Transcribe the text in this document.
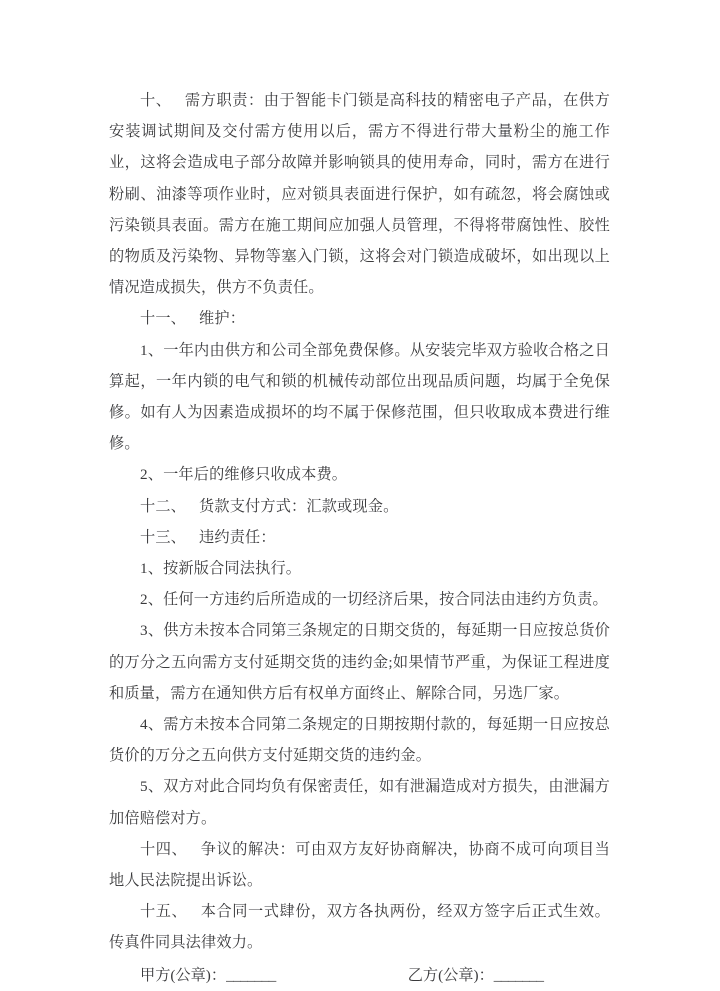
十、 需方职责：由于智能卡门锁是高科技的精密电子产品，在供方安装调试期间及交付需方使用以后，需方不得进行带大量粉尘的施工作业，这将会造成电子部分故障并影响锁具的使用寿命，同时，需方在进行粉刷、油漆等项作业时，应对锁具表面进行保护，如有疏忽，将会腐蚀或污染锁具表面。需方在施工期间应加强人员管理，不得将带腐蚀性、胶性的物质及污染物、异物等塞入门锁，这将会对门锁造成破坏，如出现以上情况造成损失，供方不负责任。

十一、 维护：

1、一年内由供方和公司全部免费保修。从安装完毕双方验收合格之日算起，一年内锁的电气和锁的机械传动部位出现品质问题，均属于全免保修。如有人为因素造成损坏的均不属于保修范围，但只收取成本费进行维修。

2、一年后的维修只收成本费。

十二、 货款支付方式：汇款或现金。

十三、 违约责任：

1、按新版合同法执行。

2、任何一方违约后所造成的一切经济后果，按合同法由违约方负责。

3、供方未按本合同第三条规定的日期交货的，每延期一日应按总货价的万分之五向需方支付延期交货的违约金;如果情节严重，为保证工程进度和质量，需方在通知供方后有权单方面终止、解除合同，另选厂家。

4、需方未按本合同第二条规定的日期按期付款的，每延期一日应按总货价的万分之五向供方支付延期交货的违约金。

5、双方对此合同均负有保密责任，如有泄漏造成对方损失，由泄漏方加倍赔偿对方。

十四、 争议的解决：可由双方友好协商解决，协商不成可向项目当地人民法院提出诉讼。

十五、 本合同一式肆份，双方各执两份，经双方签字后正式生效。传真件同具法律效力。

甲方(公章)：_______	乙方(公章)：_______
